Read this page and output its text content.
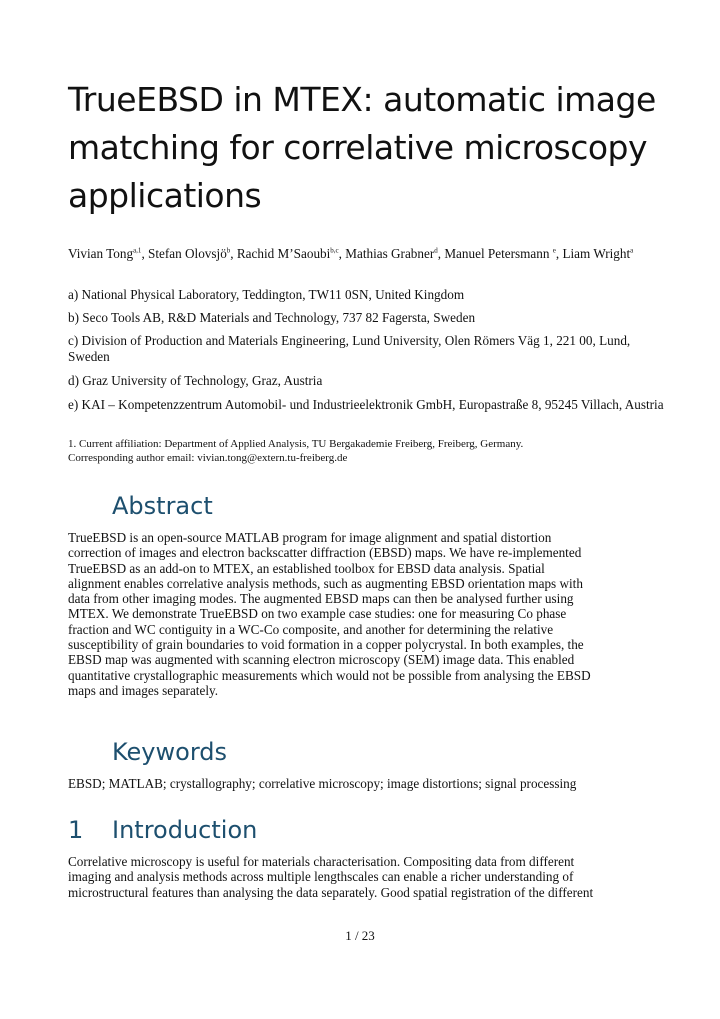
TrueEBSD in MTEX: automatic image matching for correlative microscopy applications
Vivian Tong$^{a,1}$, Stefan Olovsjö$^b$, Rachid M’Saoubi$^{b,c}$, Mathias Grabner$^d$, Manuel Petersmann $^e$, Liam Wright$^a$
a) National Physical Laboratory, Teddington, TW11 0SN, United Kingdom
b) Seco Tools AB, R&D Materials and Technology, 737 82 Fagersta, Sweden
c) Division of Production and Materials Engineering, Lund University, Olen Römers Väg 1, 221 00, Lund, Sweden
d) Graz University of Technology, Graz, Austria
e) KAI – Kompetenzzentrum Automobil- und Industrieelektronik GmbH, Europastraße 8, 95245 Villach, Austria
1. Current affiliation: Department of Applied Analysis, TU Bergakademie Freiberg, Freiberg, Germany.
Corresponding author email: vivian.tong@extern.tu-freiberg.de
Abstract
TrueEBSD is an open-source MATLAB program for image alignment and spatial distortion
correction of images and electron backscatter diffraction (EBSD) maps. We have re-implemented
TrueEBSD as an add-on to MTEX, an established toolbox for EBSD data analysis. Spatial
alignment enables correlative analysis methods, such as augmenting EBSD orientation maps with
data from other imaging modes. The augmented EBSD maps can then be analysed further using
MTEX. We demonstrate TrueEBSD on two example case studies: one for measuring Co phase
fraction and WC contiguity in a WC-Co composite, and another for determining the relative
susceptibility of grain boundaries to void formation in a copper polycrystal. In both examples, the
EBSD map was augmented with scanning electron microscopy (SEM) image data. This enabled
quantitative crystallographic measurements which would not be possible from analysing the EBSD
maps and images separately.
Keywords
EBSD; MATLAB; crystallography; correlative microscopy; image distortions; signal processing
1 Introduction
Correlative microscopy is useful for materials characterisation. Compositing data from different
imaging and analysis methods across multiple lengthscales can enable a richer understanding of
microstructural features than analysing the data separately. Good spatial registration of the different
1 / 23
